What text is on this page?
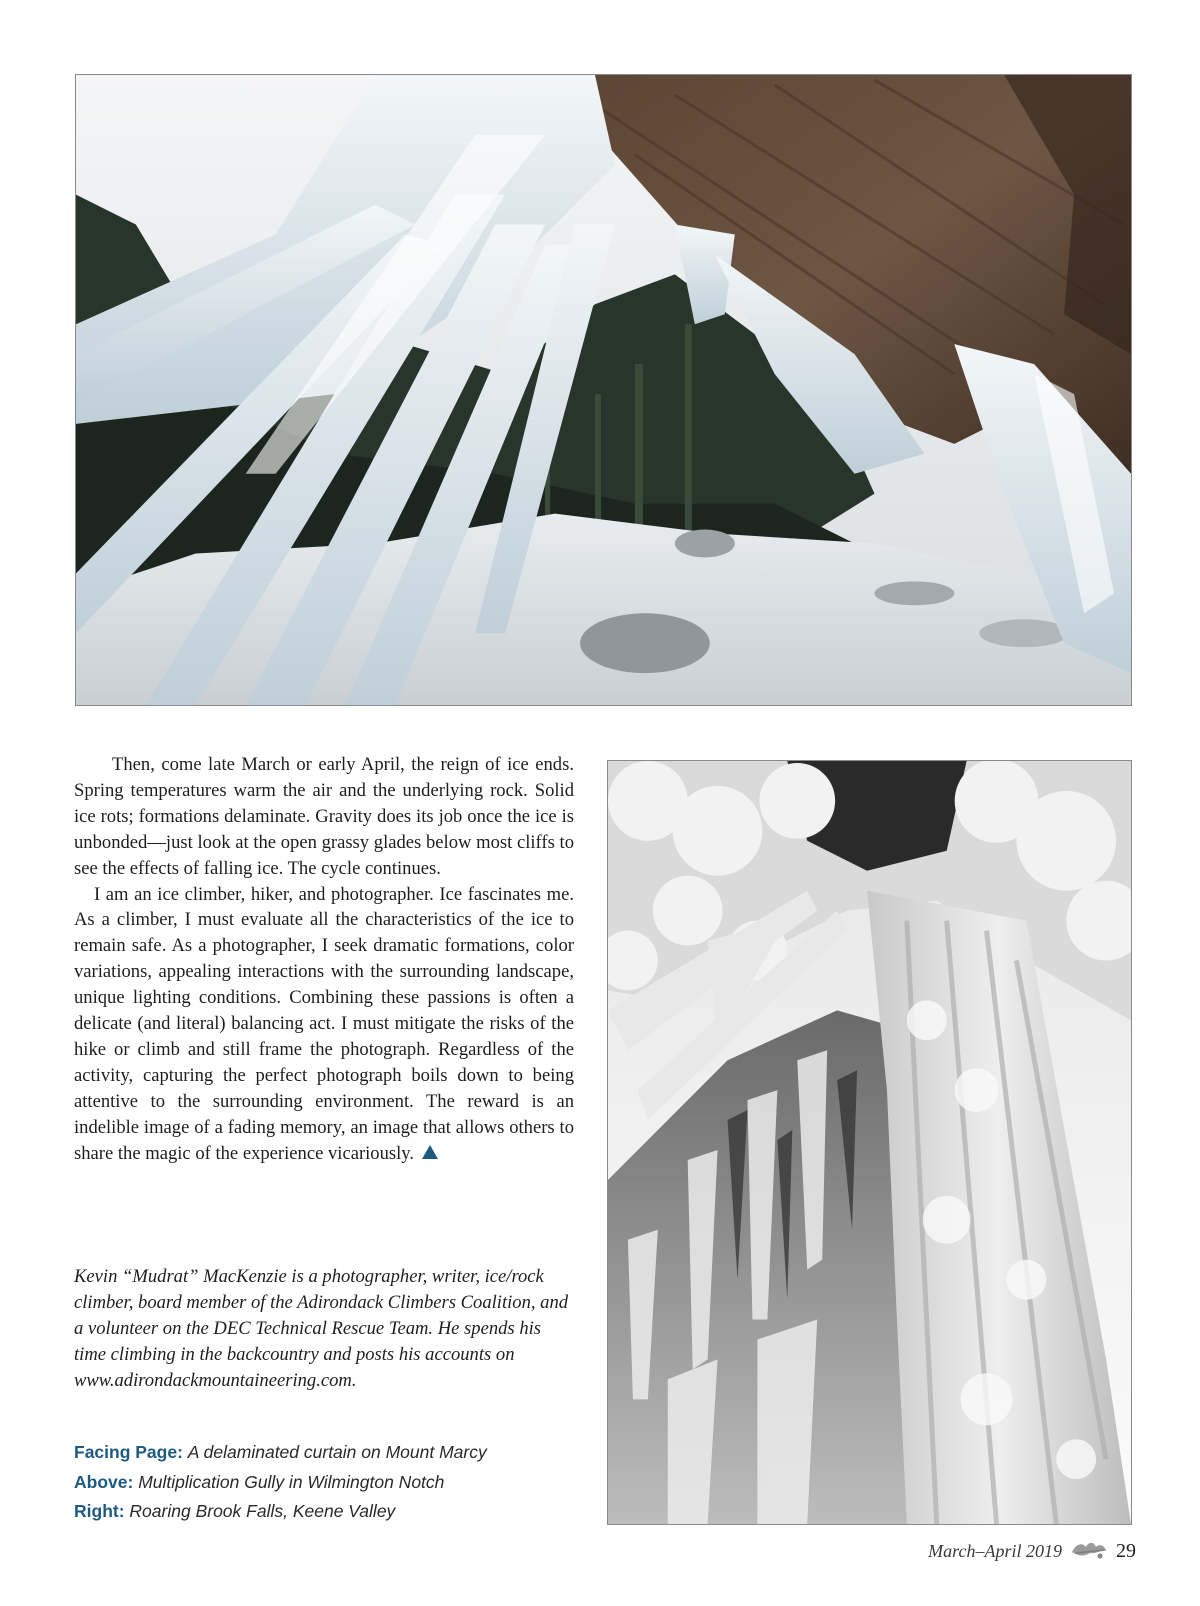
Then, come late March or early April, the reign of ice ends. Spring temperatures warm the air and the underlying rock. Solid ice rots; formations delaminate. Gravity does its job once the ice is unbonded—just look at the open grassy glades below most cliffs to see the effects of falling ice. The cycle continues.

I am an ice climber, hiker, and photographer. Ice fascinates me. As a climber, I must evaluate all the characteristics of the ice to remain safe. As a photographer, I seek dramatic formations, color variations, appealing interactions with the surrounding landscape, unique lighting conditions. Combining these passions is often a delicate (and literal) balancing act. I must mitigate the risks of the hike or climb and still frame the photograph. Regardless of the activity, capturing the perfect photograph boils down to being attentive to the surrounding environment. The reward is an indelible image of a fading memory, an image that allows others to share the magic of the experience vicariously.

Kevin “Mudrat” MacKenzie is a photographer, writer, ice/rock climber, board member of the Adirondack Climbers Coalition, and a volunteer on the DEC Technical Rescue Team. He spends his time climbing in the backcountry and posts his accounts on www.adirondackmountaineering.com.
Facing Page: A delaminated curtain on Mount Marcy
Above: Multiplication Gully in Wilmington Notch
Right: Roaring Brook Falls, Keene Valley
March–April 2019	29
